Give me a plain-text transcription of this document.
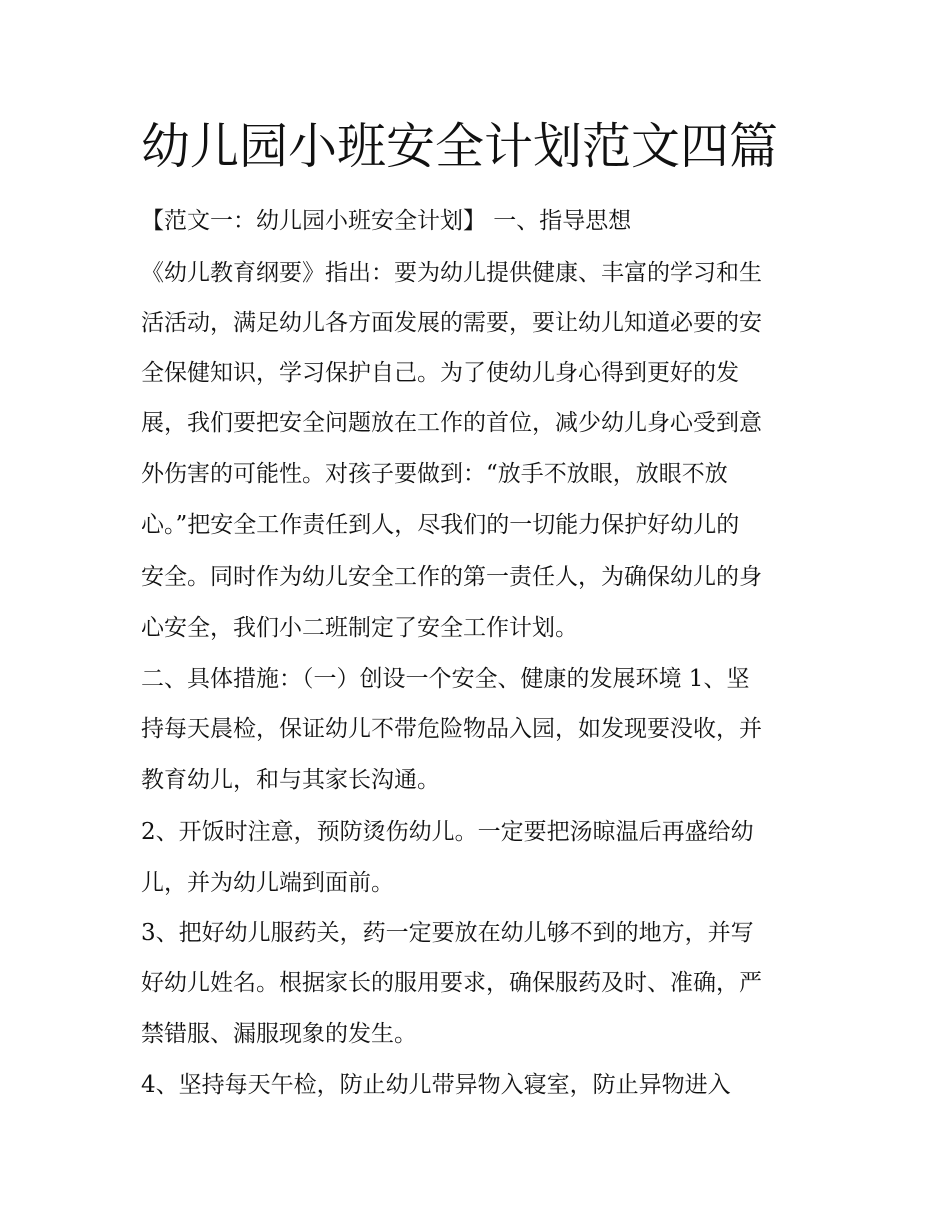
幼儿园小班安全计划范文四篇

【范文一：幼儿园小班安全计划】 一、指导思想

《幼儿教育纲要》指出：要为幼儿提供健康、丰富的学习和生

活活动，满足幼儿各方面发展的需要，要让幼儿知道必要的安

全保健知识，学习保护自己。为了使幼儿身心得到更好的发

展，我们要把安全问题放在工作的首位，减少幼儿身心受到意

外伤害的可能性。对孩子要做到：“放手不放眼，放眼不放

心。”把安全工作责任到人，尽我们的一切能力保护好幼儿的

安全。同时作为幼儿安全工作的第一责任人，为确保幼儿的身

心安全，我们小二班制定了安全工作计划。

二、具体措施：（一）创设一个安全、健康的发展环境 1、坚

持每天晨检，保证幼儿不带危险物品入园，如发现要没收，并

教育幼儿，和与其家长沟通。

2、开饭时注意，预防烫伤幼儿。一定要把汤晾温后再盛给幼

儿，并为幼儿端到面前。

3、把好幼儿服药关，药一定要放在幼儿够不到的地方，并写

好幼儿姓名。根据家长的服用要求，确保服药及时、准确，严

禁错服、漏服现象的发生。

4、坚持每天午检，防止幼儿带异物入寝室，防止异物进入
